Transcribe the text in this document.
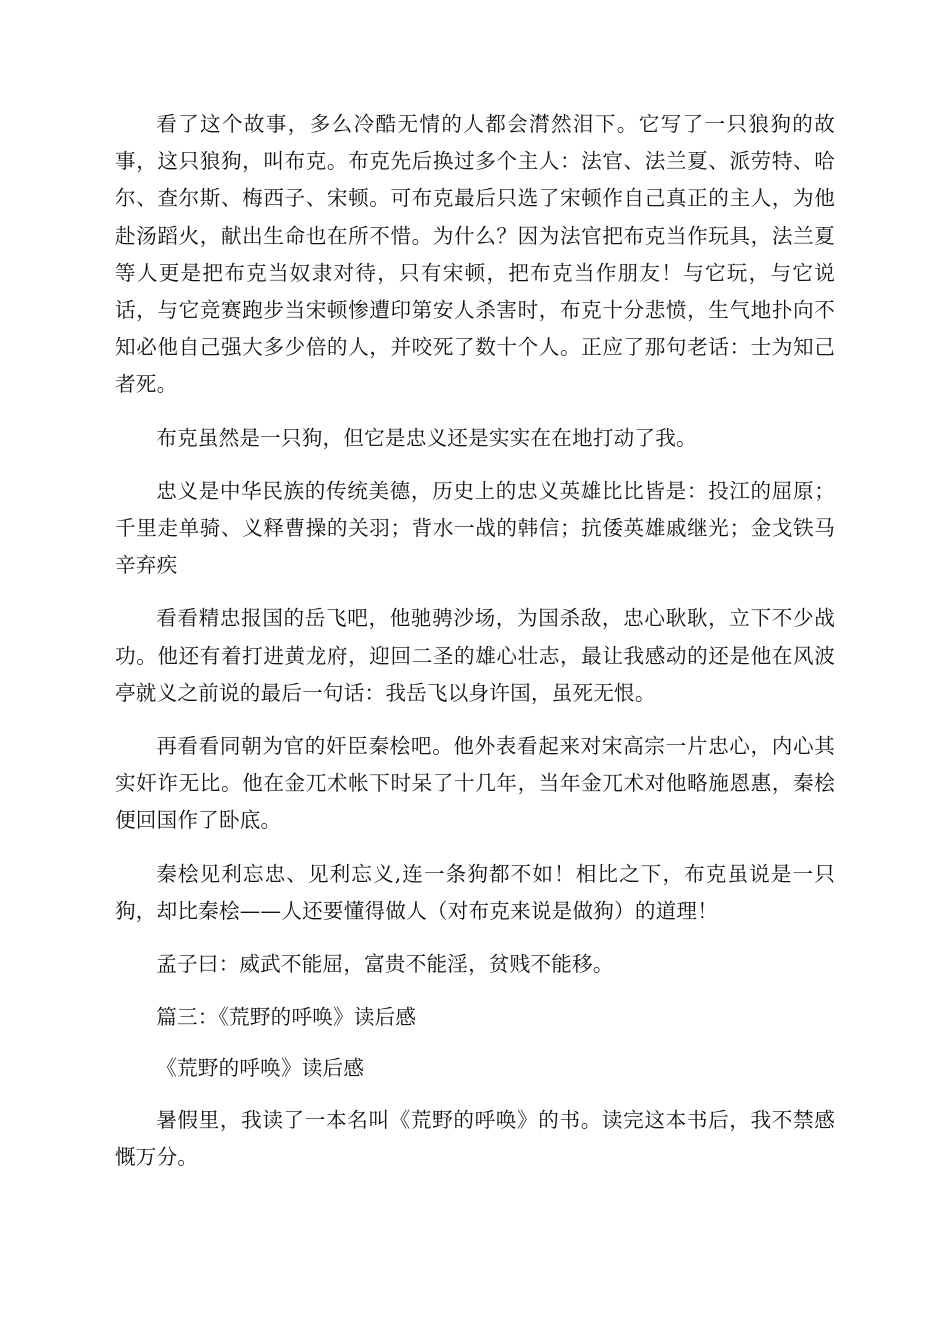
看了这个故事，多么冷酷无情的人都会潸然泪下。它写了一只狼狗的故事，这只狼狗，叫布克。布克先后换过多个主人：法官、法兰夏、派劳特、哈尔、查尔斯、梅西子、宋顿。可布克最后只选了宋顿作自己真正的主人，为他赴汤蹈火，献出生命也在所不惜。为什么？因为法官把布克当作玩具，法兰夏等人更是把布克当奴隶对待，只有宋顿，把布克当作朋友！与它玩，与它说话，与它竞赛跑步当宋顿惨遭印第安人杀害时，布克十分悲愤，生气地扑向不知必他自己强大多少倍的人，并咬死了数十个人。正应了那句老话：士为知己者死。

布克虽然是一只狗，但它是忠义还是实实在在地打动了我。

忠义是中华民族的传统美德，历史上的忠义英雄比比皆是：投江的屈原；千里走单骑、义释曹操的关羽；背水一战的韩信；抗倭英雄戚继光；金戈铁马辛弃疾

看看精忠报国的岳飞吧，他驰骋沙场，为国杀敌，忠心耿耿，立下不少战功。他还有着打进黄龙府，迎回二圣的雄心壮志，最让我感动的还是他在风波亭就义之前说的最后一句话：我岳飞以身许国，虽死无恨。

再看看同朝为官的奸臣秦桧吧。他外表看起来对宋高宗一片忠心，内心其实奸诈无比。他在金兀术帐下时呆了十几年，当年金兀术对他略施恩惠，秦桧便回国作了卧底。

秦桧见利忘忠、见利忘义,连一条狗都不如！相比之下，布克虽说是一只狗，却比秦桧——人还要懂得做人（对布克来说是做狗）的道理！

孟子曰：威武不能屈，富贵不能淫，贫贱不能移。

篇三：《荒野的呼唤》读后感

《荒野的呼唤》读后感

暑假里，我读了一本名叫《荒野的呼唤》的书。读完这本书后，我不禁感慨万分。
